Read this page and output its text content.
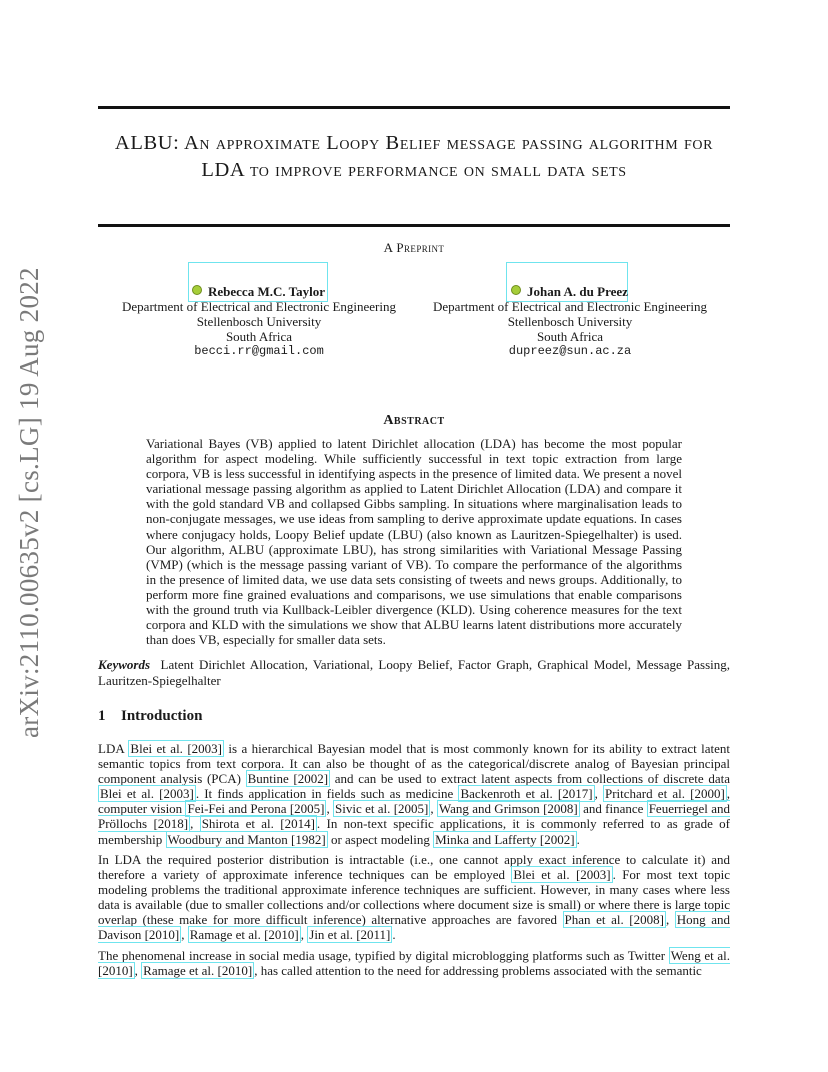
arXiv:2110.00635v2 [cs.LG] 19 Aug 2022
ALBU: An approximate Loopy Belief message passing algorithm for LDA to improve performance on small data sets
A Preprint
Rebecca M.C. Taylor
Department of Electrical and Electronic Engineering
Stellenbosch University
South Africa
becci.rr@gmail.com
Johan A. du Preez
Department of Electrical and Electronic Engineering
Stellenbosch University
South Africa
dupreez@sun.ac.za
Abstract

Variational Bayes (VB) applied to latent Dirichlet allocation (LDA) has become the most popular algorithm for aspect modeling. While sufficiently successful in text topic extraction from large corpora, VB is less successful in identifying aspects in the presence of limited data. We present a novel variational message passing algorithm as applied to Latent Dirichlet Allocation (LDA) and compare it with the gold standard VB and collapsed Gibbs sampling. In situations where marginalisation leads to non-conjugate messages, we use ideas from sampling to derive approximate update equations. In cases where conjugacy holds, Loopy Belief update (LBU) (also known as Lauritzen-Spiegelhalter) is used. Our algorithm, ALBU (approximate LBU), has strong similarities with Variational Message Passing (VMP) (which is the message passing variant of VB). To compare the performance of the algorithms in the presence of limited data, we use data sets consisting of tweets and news groups. Additionally, to perform more fine grained evaluations and comparisons, we use simulations that enable comparisons with the ground truth via Kullback-Leibler divergence (KLD). Using coherence measures for the text corpora and KLD with the simulations we show that ALBU learns latent distributions more accurately than does VB, especially for smaller data sets.

Keywords Latent Dirichlet Allocation, Variational, Loopy Belief, Factor Graph, Graphical Model, Message Passing, Lauritzen-Spiegelhalter

1 Introduction

LDA Blei et al. [2003] is a hierarchical Bayesian model that is most commonly known for its ability to extract latent semantic topics from text corpora. It can also be thought of as the categorical/discrete analog of Bayesian principal component analysis (PCA) Buntine [2002] and can be used to extract latent aspects from collections of discrete data Blei et al. [2003] . It finds application in fields such as medicine Backenroth et al. [2017] , Pritchard et al. [2000] , computer vision Fei-Fei and Perona [2005] , Sivic et al. [2005] , Wang and Grimson [2008] and finance Feuerriegel and Pröllochs [2018] , Shirota et al. [2014] . In non-text specific applications, it is commonly referred to as grade of membership Woodbury and Manton [1982] or aspect modeling Minka and Lafferty [2002] .

In LDA the required posterior distribution is intractable (i.e., one cannot apply exact inference to calculate it) and therefore a variety of approximate inference techniques can be employed Blei et al. [2003] . For most text topic modeling problems the traditional approximate inference techniques are sufficient. However, in many cases where less data is available (due to smaller collections and/or collections where document size is small) or where there is large topic overlap (these make for more difficult inference) alternative approaches are favored Phan et al. [2008] , Hong and Davison [2010] , Ramage et al. [2010] , Jin et al. [2011] .

The phenomenal increase in social media usage, typified by digital microblogging platforms such as Twitter Weng et al. [2010] , Ramage et al. [2010] , has called attention to the need for addressing problems associated with the semantic
